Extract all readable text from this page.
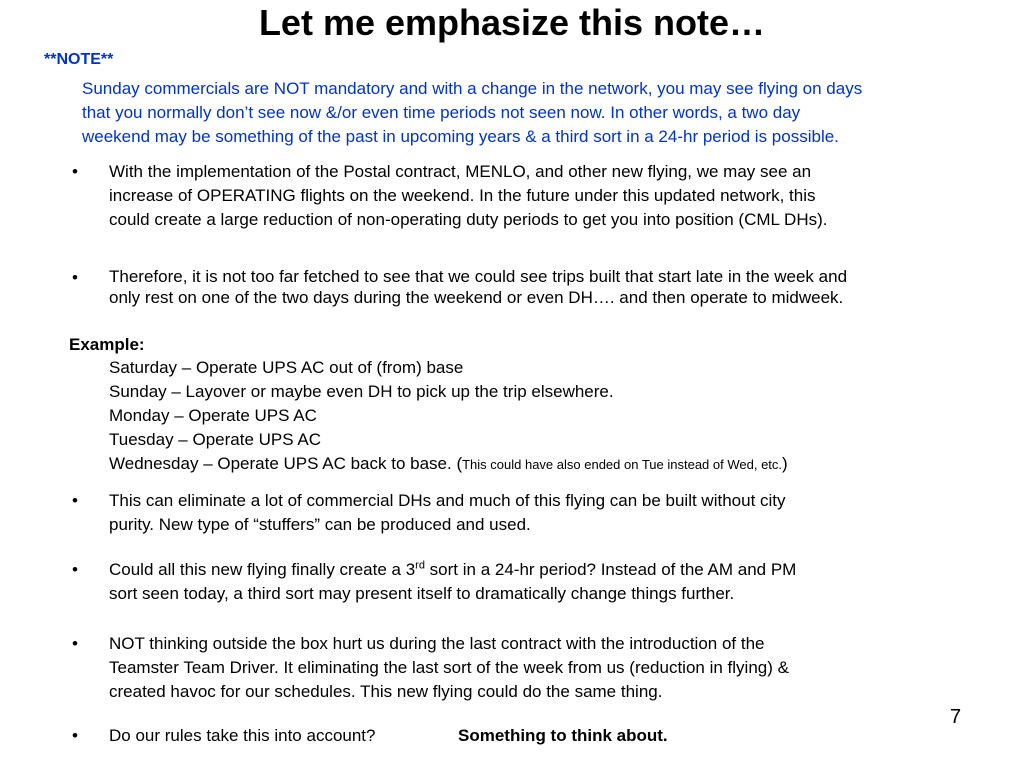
Let me emphasize this note…
**NOTE**
Sunday commercials are NOT mandatory and with a change in the network, you may see flying on days
that you normally don’t see now &/or even time periods not seen now. In other words, a two day
weekend may be something of the past in upcoming years & a third sort in a 24-hr period is possible.
• With the implementation of the Postal contract, MENLO, and other new flying, we may see an
increase of OPERATING flights on the weekend. In the future under this updated network, this
could create a large reduction of non-operating duty periods to get you into position (CML DHs).
• Therefore, it is not too far fetched to see that we could see trips built that start late in the week and
only rest on one of the two days during the weekend or even DH…. and then operate to midweek.
Example:
Saturday – Operate UPS AC out of (from) base
Sunday – Layover or maybe even DH to pick up the trip elsewhere.
Monday – Operate UPS AC
Tuesday – Operate UPS AC
Wednesday – Operate UPS AC back to base. (This could have also ended on Tue instead of Wed, etc.)
• This can eliminate a lot of commercial DHs and much of this flying can be built without city
purity. New type of “stuffers” can be produced and used.
• Could all this new flying finally create a 3rd sort in a 24-hr period? Instead of the AM and PM
sort seen today, a third sort may present itself to dramatically change things further.
• NOT thinking outside the box hurt us during the last contract with the introduction of the
Teamster Team Driver. It eliminating the last sort of the week from us (reduction in flying) &
created havoc for our schedules. This new flying could do the same thing.
7
• Do our rules take this into account?	Something to think about.
